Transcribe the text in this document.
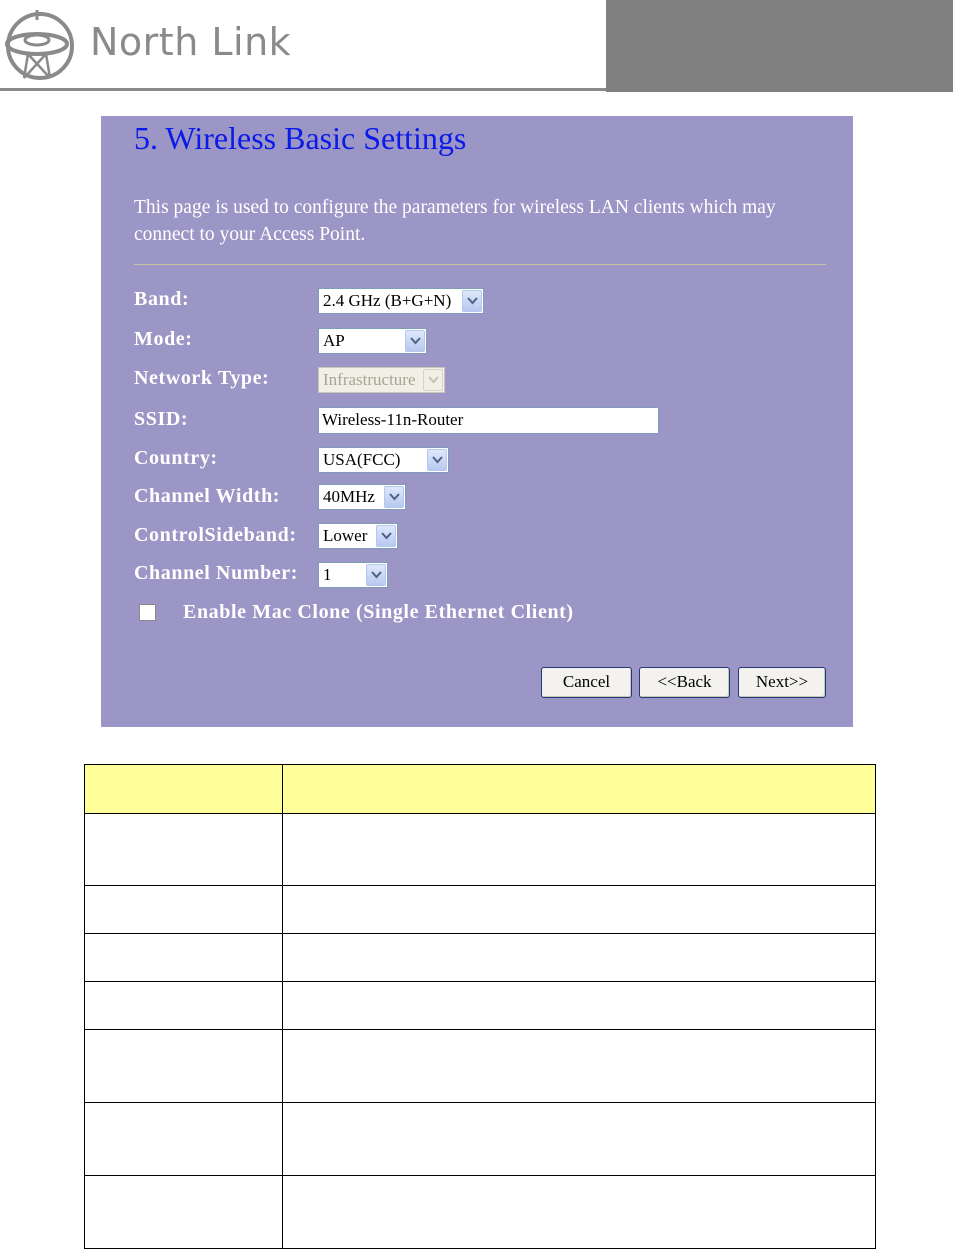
North Link
5. Wireless Basic Settings
This page is used to configure the parameters for wireless LAN clients which may connect to your Access Point.
Band:	2.4 GHz (B+G+N)
Mode:	AP
Network Type:	Infrastructure
SSID:	Wireless-11n-Router
Country:	USA(FCC)
Channel Width:	40MHz
ControlSideband: Lower
Channel Number: 1
Enable Mac Clone (Single Ethernet Client)
Cancel	<<Back	Next>>
